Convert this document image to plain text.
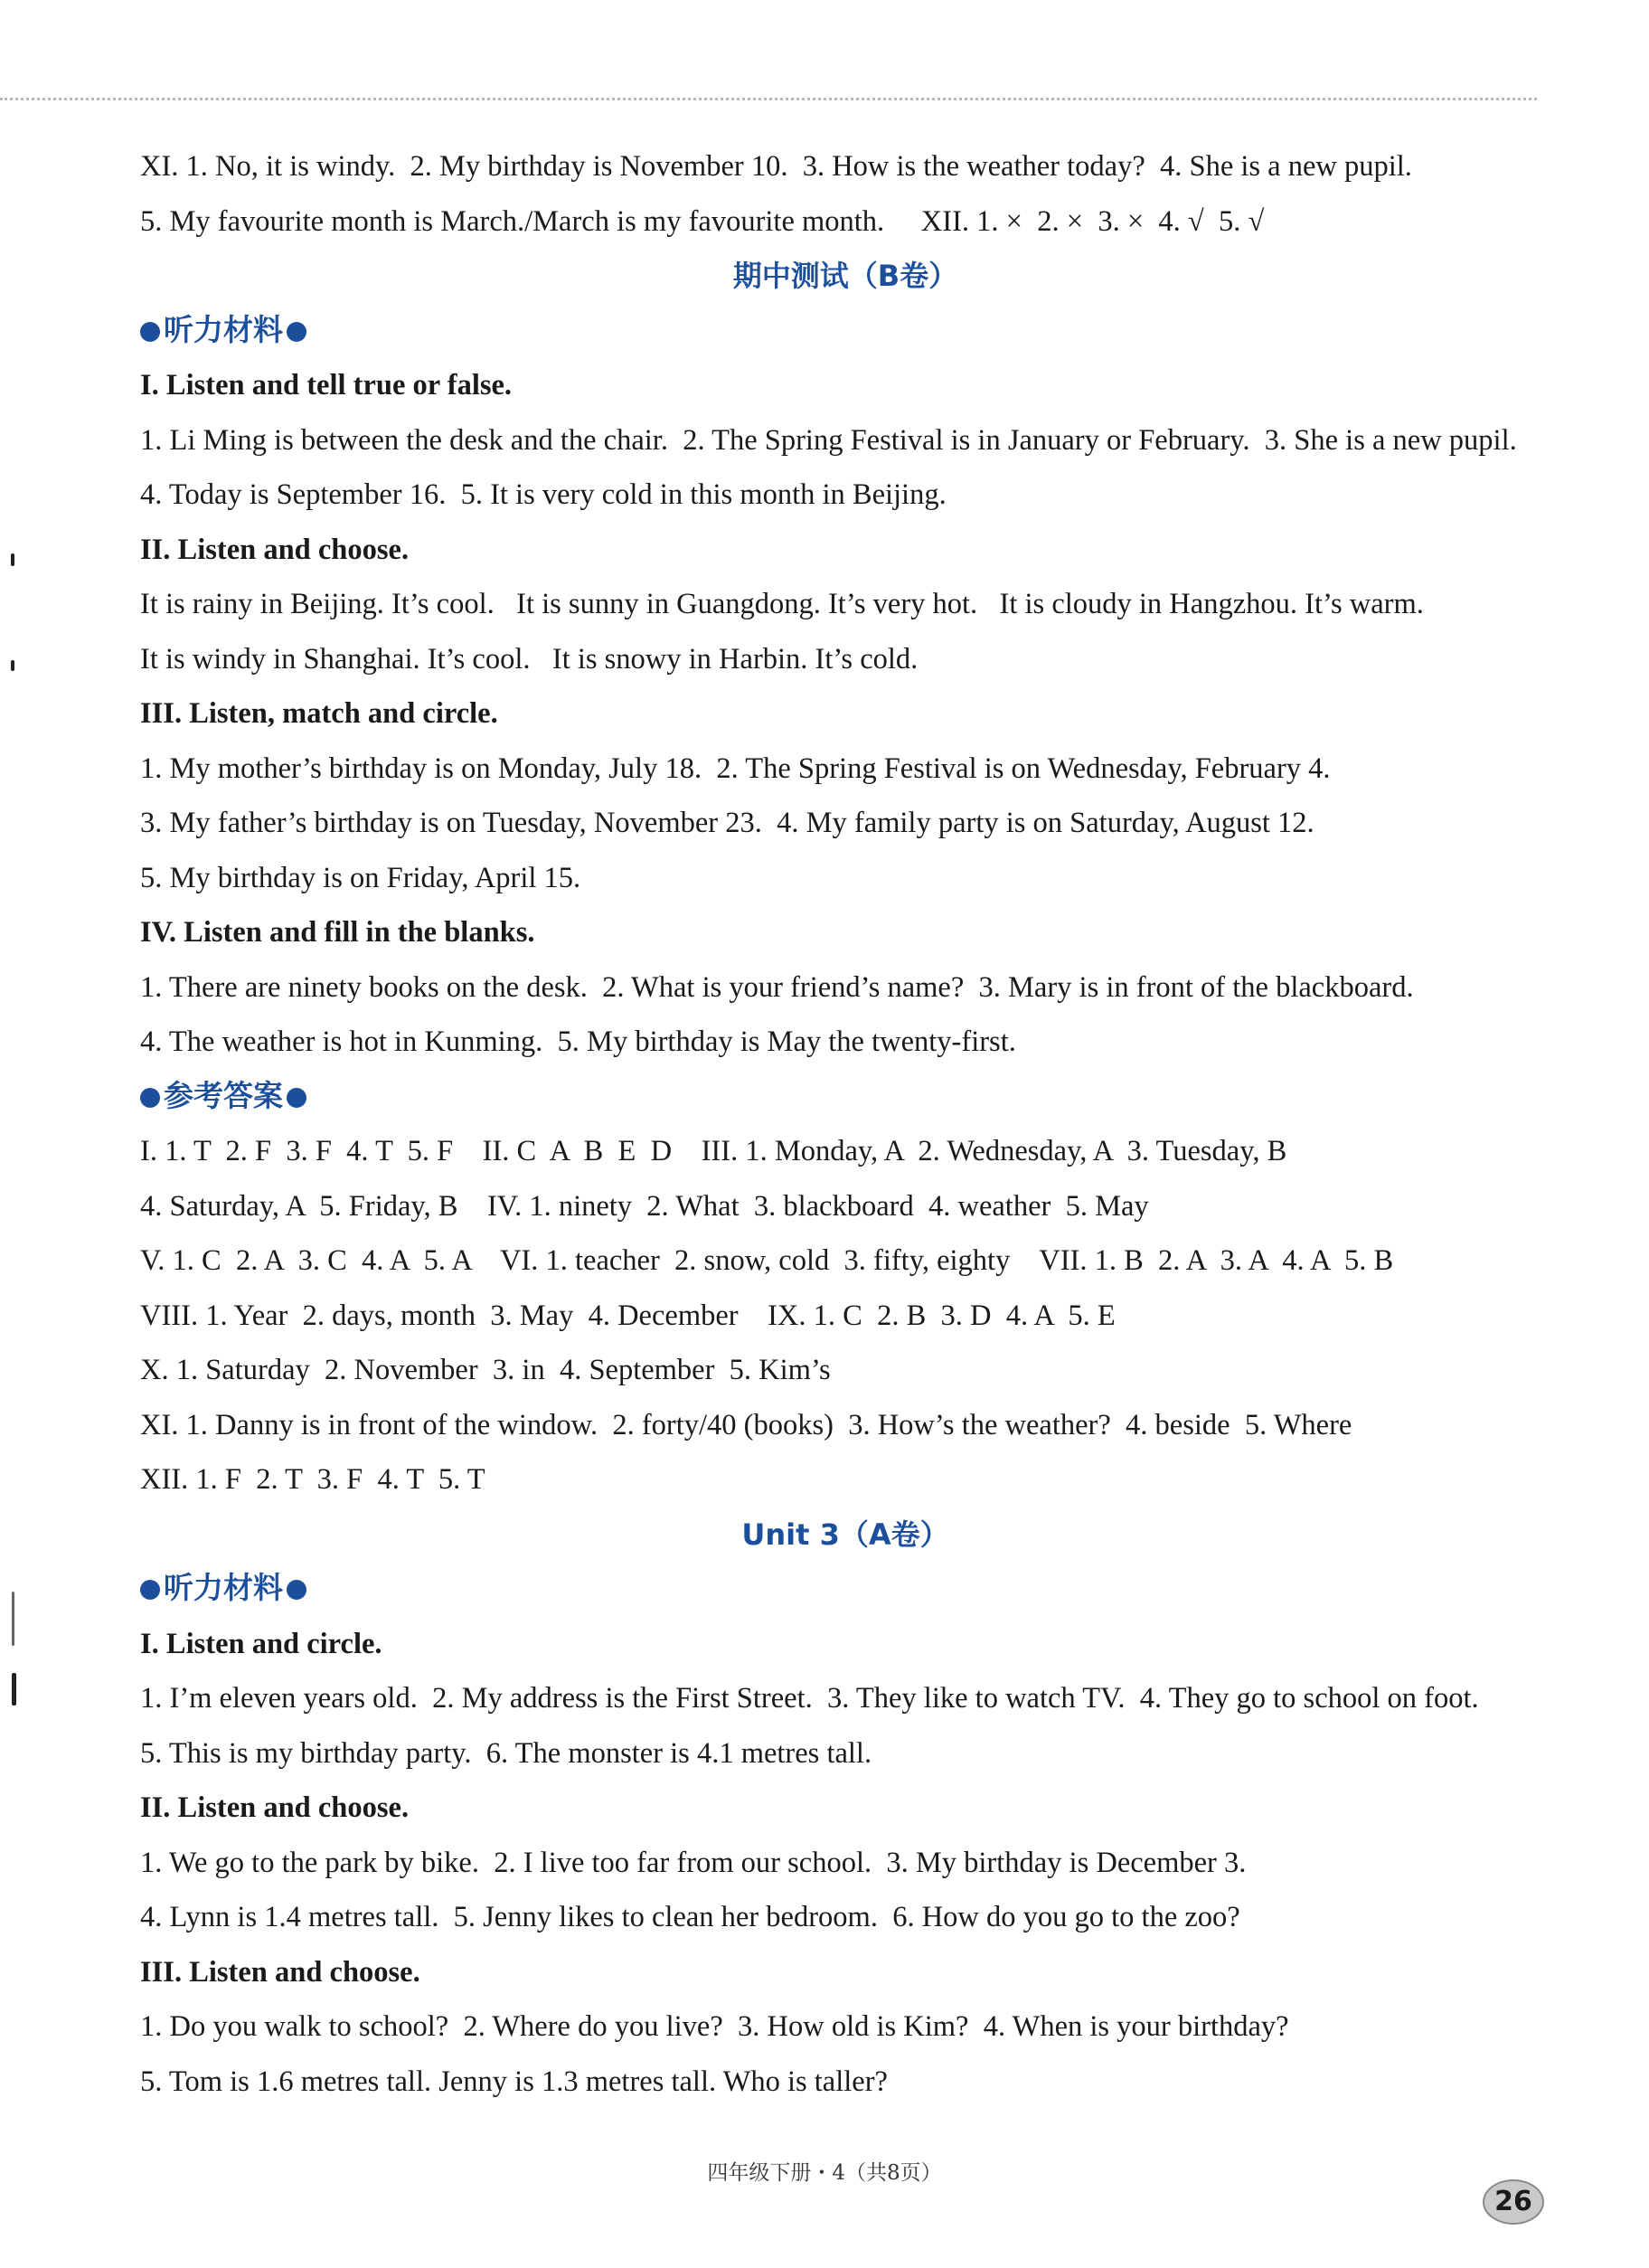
XI. 1. No, it is windy.  2. My birthday is November 10.  3. How is the weather today?  4. She is a new pupil.
5. My favourite month is March./March is my favourite month.     XII. 1. ×  2. ×  3. ×  4. √  5. √
期中测试（B卷）
听力材料
I. Listen and tell true or false.
1. Li Ming is between the desk and the chair.  2. The Spring Festival is in January or February.  3. She is a new pupil.
4. Today is September 16.  5. It is very cold in this month in Beijing.
II. Listen and choose.
It is rainy in Beijing. It’s cool.   It is sunny in Guangdong. It’s very hot.   It is cloudy in Hangzhou. It’s warm.
It is windy in Shanghai. It’s cool.   It is snowy in Harbin. It’s cold.
III. Listen, match and circle.
1. My mother’s birthday is on Monday, July 18.  2. The Spring Festival is on Wednesday, February 4.
3. My father’s birthday is on Tuesday, November 23.  4. My family party is on Saturday, August 12.
5. My birthday is on Friday, April 15.
IV. Listen and fill in the blanks.
1. There are ninety books on the desk.  2. What is your friend’s name?  3. Mary is in front of the blackboard.
4. The weather is hot in Kunming.  5. My birthday is May the twenty-first.
参考答案
I. 1. T  2. F  3. F  4. T  5. F    II. C  A  B  E  D    III. 1. Monday, A  2. Wednesday, A  3. Tuesday, B
4. Saturday, A  5. Friday, B    IV. 1. ninety  2. What  3. blackboard  4. weather  5. May
V. 1. C  2. A  3. C  4. A  5. A    VI. 1. teacher  2. snow, cold  3. fifty, eighty    VII. 1. B  2. A  3. A  4. A  5. B
VIII. 1. Year  2. days, month  3. May  4. December    IX. 1. C  2. B  3. D  4. A  5. E
X. 1. Saturday  2. November  3. in  4. September  5. Kim’s
XI. 1. Danny is in front of the window.  2. forty/40 (books)  3. How’s the weather?  4. beside  5. Where
XII. 1. F  2. T  3. F  4. T  5. T
Unit 3（A卷）
听力材料
I. Listen and circle.
1. I’m eleven years old.  2. My address is the First Street.  3. They like to watch TV.  4. They go to school on foot.
5. This is my birthday party.  6. The monster is 4.1 metres tall.
II. Listen and choose.
1. We go to the park by bike.  2. I live too far from our school.  3. My birthday is December 3.
4. Lynn is 1.4 metres tall.  5. Jenny likes to clean her bedroom.  6. How do you go to the zoo?
III. Listen and choose.
1. Do you walk to school?  2. Where do you live?  3. How old is Kim?  4. When is your birthday?
5. Tom is 1.6 metres tall. Jenny is 1.3 metres tall. Who is taller?
四年级下册・4（共8页）
26
